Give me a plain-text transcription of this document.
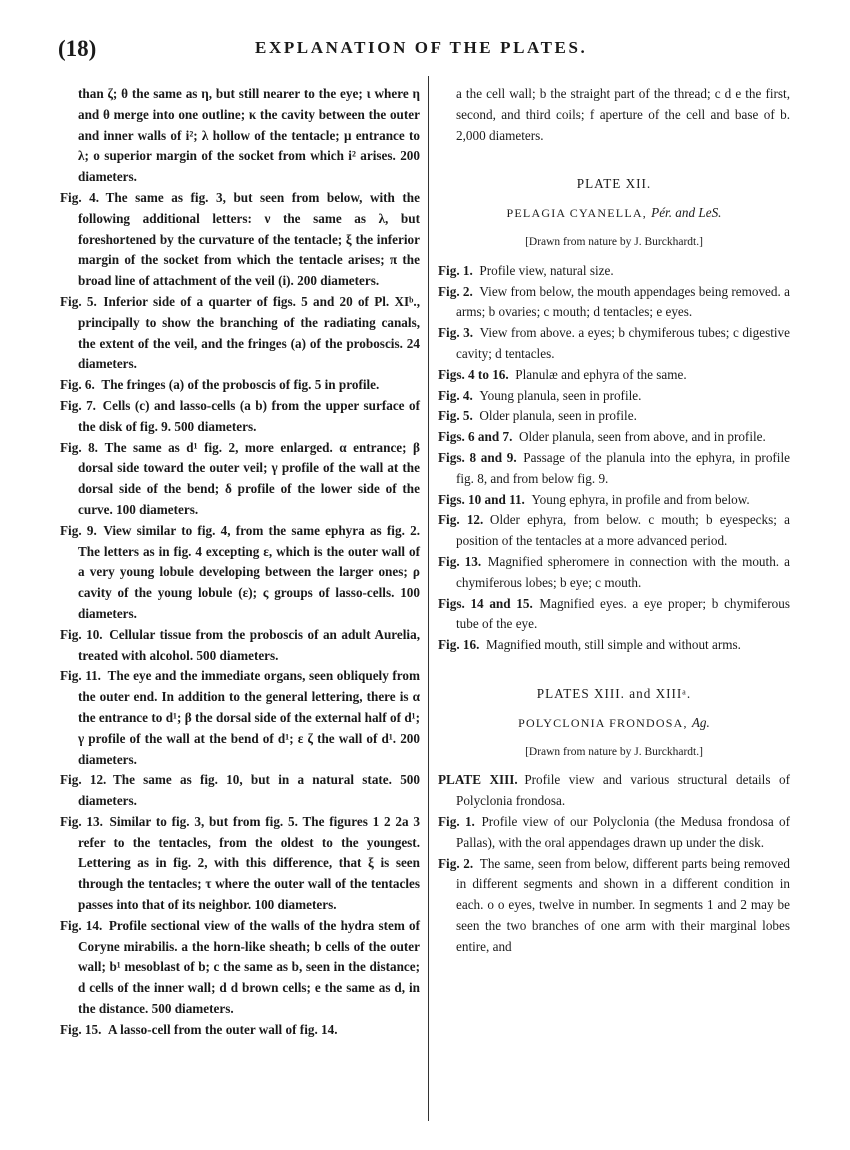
(18)	EXPLANATION OF THE PLATES.

than ζ; θ the same as η, but still nearer to the eye; ι where η and θ merge into one outline; κ the cavity between the outer and inner walls of i²; λ hollow of the tentacle; μ entrance to λ; o superior margin of the socket from which i² arises. 200 diameters.

Fig. 4.  The same as fig. 3, but seen from below, with the following additional letters: ν the same as λ, but foreshortened by the curvature of the tentacle; ξ the inferior margin of the socket from which the tentacle arises; π the broad line of attachment of the veil (i). 200 diameters.

Fig. 5.  Inferior side of a quarter of figs. 5 and 20 of Pl. XIᵇ., principally to show the branching of the radiating canals, the extent of the veil, and the fringes (a) of the proboscis. 24 diameters.

Fig. 6.  The fringes (a) of the proboscis of fig. 5 in profile.

Fig. 7.  Cells (c) and lasso-cells (a b) from the upper surface of the disk of fig. 9. 500 diameters.

Fig. 8.  The same as d¹ fig. 2, more enlarged. α entrance; β dorsal side toward the outer veil; γ profile of the wall at the dorsal side of the bend; δ profile of the lower side of the curve. 100 diameters.

Fig. 9.  View similar to fig. 4, from the same ephyra as fig. 2. The letters as in fig. 4 excepting ε, which is the outer wall of a very young lobule developing between the larger ones; ρ cavity of the young lobule (ε); ς groups of lasso-cells. 100 diameters.

Fig. 10.  Cellular tissue from the proboscis of an adult Aurelia, treated with alcohol. 500 diameters.

Fig. 11.  The eye and the immediate organs, seen obliquely from the outer end. In addition to the general lettering, there is α the entrance to d¹; β the dorsal side of the external half of d¹; γ profile of the wall at the bend of d¹; ε ζ the wall of d¹. 200 diameters.

Fig. 12.  The same as fig. 10, but in a natural state. 500 diameters.

Fig. 13.  Similar to fig. 3, but from fig. 5. The figures 1 2 2a 3 refer to the tentacles, from the oldest to the youngest. Lettering as in fig. 2, with this difference, that ξ is seen through the tentacles; τ where the outer wall of the tentacles passes into that of its neighbor. 100 diameters.

Fig. 14.  Profile sectional view of the walls of the hydra stem of Coryne mirabilis. a the horn-like sheath; b cells of the outer wall; b¹ mesoblast of b; c the same as b, seen in the distance; d cells of the inner wall; d d brown cells; e the same as d, in the distance. 500 diameters.

Fig. 15.  A lasso-cell from the outer wall of fig. 14.

a the cell wall; b the straight part of the thread; c d e the first, second, and third coils; f aperture of the cell and base of b. 2,000 diameters.

PLATE XII.

PELAGIA CYANELLA, Pér. and LeS.

[Drawn from nature by J. Burckhardt.]

Fig. 1.  Profile view, natural size.

Fig. 2.  View from below, the mouth appendages being removed. a arms; b ovaries; c mouth; d tentacles; e eyes.

Fig. 3.  View from above. a eyes; b chymiferous tubes; c digestive cavity; d tentacles.

Figs. 4 to 16.  Planulæ and ephyra of the same.

Fig. 4.  Young planula, seen in profile.

Fig. 5.  Older planula, seen in profile.

Figs. 6 and 7.  Older planula, seen from above, and in profile.

Figs. 8 and 9.  Passage of the planula into the ephyra, in profile fig. 8, and from below fig. 9.

Figs. 10 and 11.  Young ephyra, in profile and from below.

Fig. 12.  Older ephyra, from below. c mouth; b eyespecks; a position of the tentacles at a more advanced period.

Fig. 13.  Magnified spheromere in connection with the mouth. a chymiferous lobes; b eye; c mouth.

Figs. 14 and 15.  Magnified eyes. a eye proper; b chymiferous tube of the eye.

Fig. 16.  Magnified mouth, still simple and without arms.

PLATES XIII. and XIIIᵃ.

POLYCLONIA FRONDOSA, Ag.

[Drawn from nature by J. Burckhardt.]

PLATE XIII.  Profile view and various structural details of Polyclonia frondosa.

Fig. 1.  Profile view of our Polyclonia (the Medusa frondosa of Pallas), with the oral appendages drawn up under the disk.

Fig. 2.  The same, seen from below, different parts being removed in different segments and shown in a different condition in each. o o eyes, twelve in number. In segments 1 and 2 may be seen the two branches of one arm with their marginal lobes entire, and
